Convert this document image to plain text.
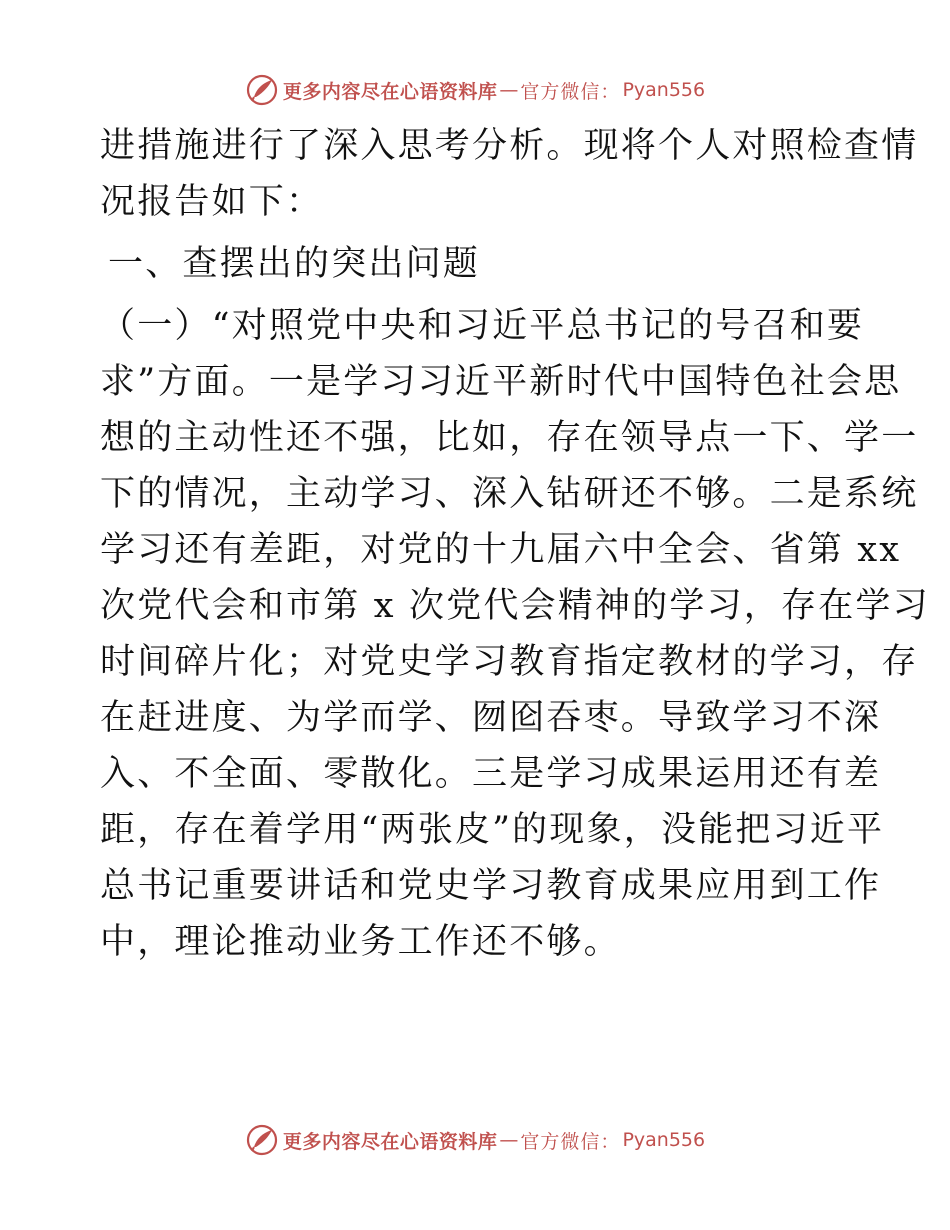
更多内容尽在心语资料库 — 官方微信： Pyan556

进措施进行了深入思考分析。现将个人对照检查情
况报告如下：

一、查摆出的突出问题

（一）“对照党中央和习近平总书记的号召和要
求”方面。一是学习习近平新时代中国特色社会思
想的主动性还不强，比如，存在领导点一下、学一
下的情况，主动学习、深入钻研还不够。二是系统
学习还有差距，对党的十九届六中全会、省第 xx
次党代会和市第 x 次党代会精神的学习，存在学习
时间碎片化；对党史学习教育指定教材的学习，存
在赶进度、为学而学、囫囵吞枣。导致学习不深
入、不全面、零散化。三是学习成果运用还有差
距，存在着学用“两张皮”的现象，没能把习近平
总书记重要讲话和党史学习教育成果应用到工作
中，理论推动业务工作还不够。

更多内容尽在心语资料库 — 官方微信： Pyan556
